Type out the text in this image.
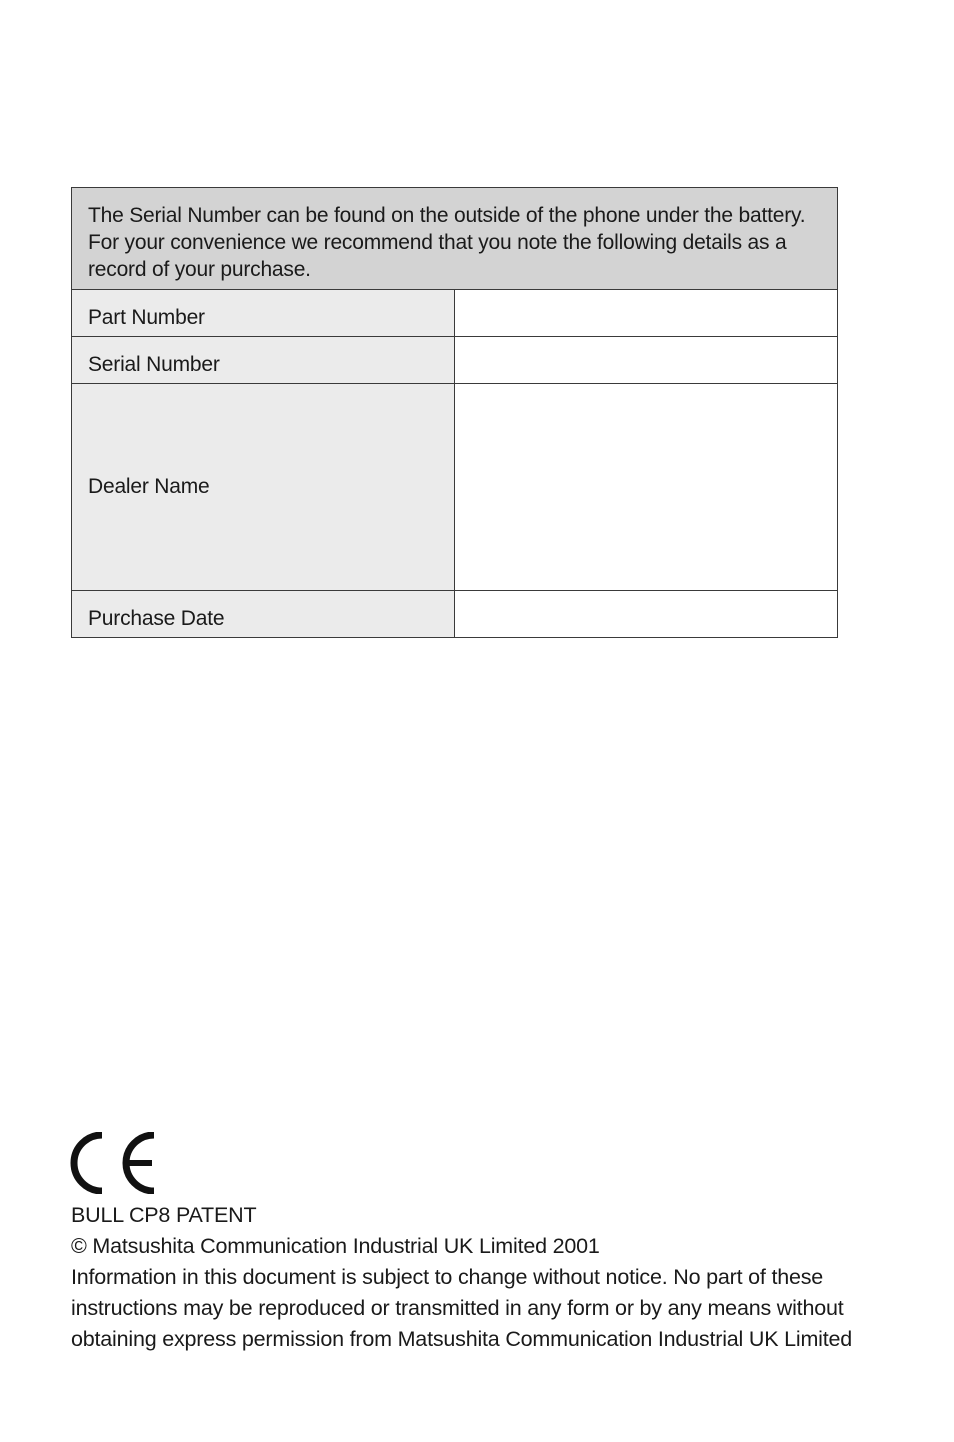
The Serial Number can be found on the outside of the phone under the battery. For your convenience we recommend that you note the following details as a record of your purchase.	
Part Number	
Serial Number	
Dealer Name	
Purchase Date	

BULL CP8 PATENT

© Matsushita Communication Industrial UK Limited 2001

Information in this document is subject to change without notice. No part of these

instructions may be reproduced or transmitted in any form or by any means without

obtaining express permission from Matsushita Communication Industrial UK Limited
